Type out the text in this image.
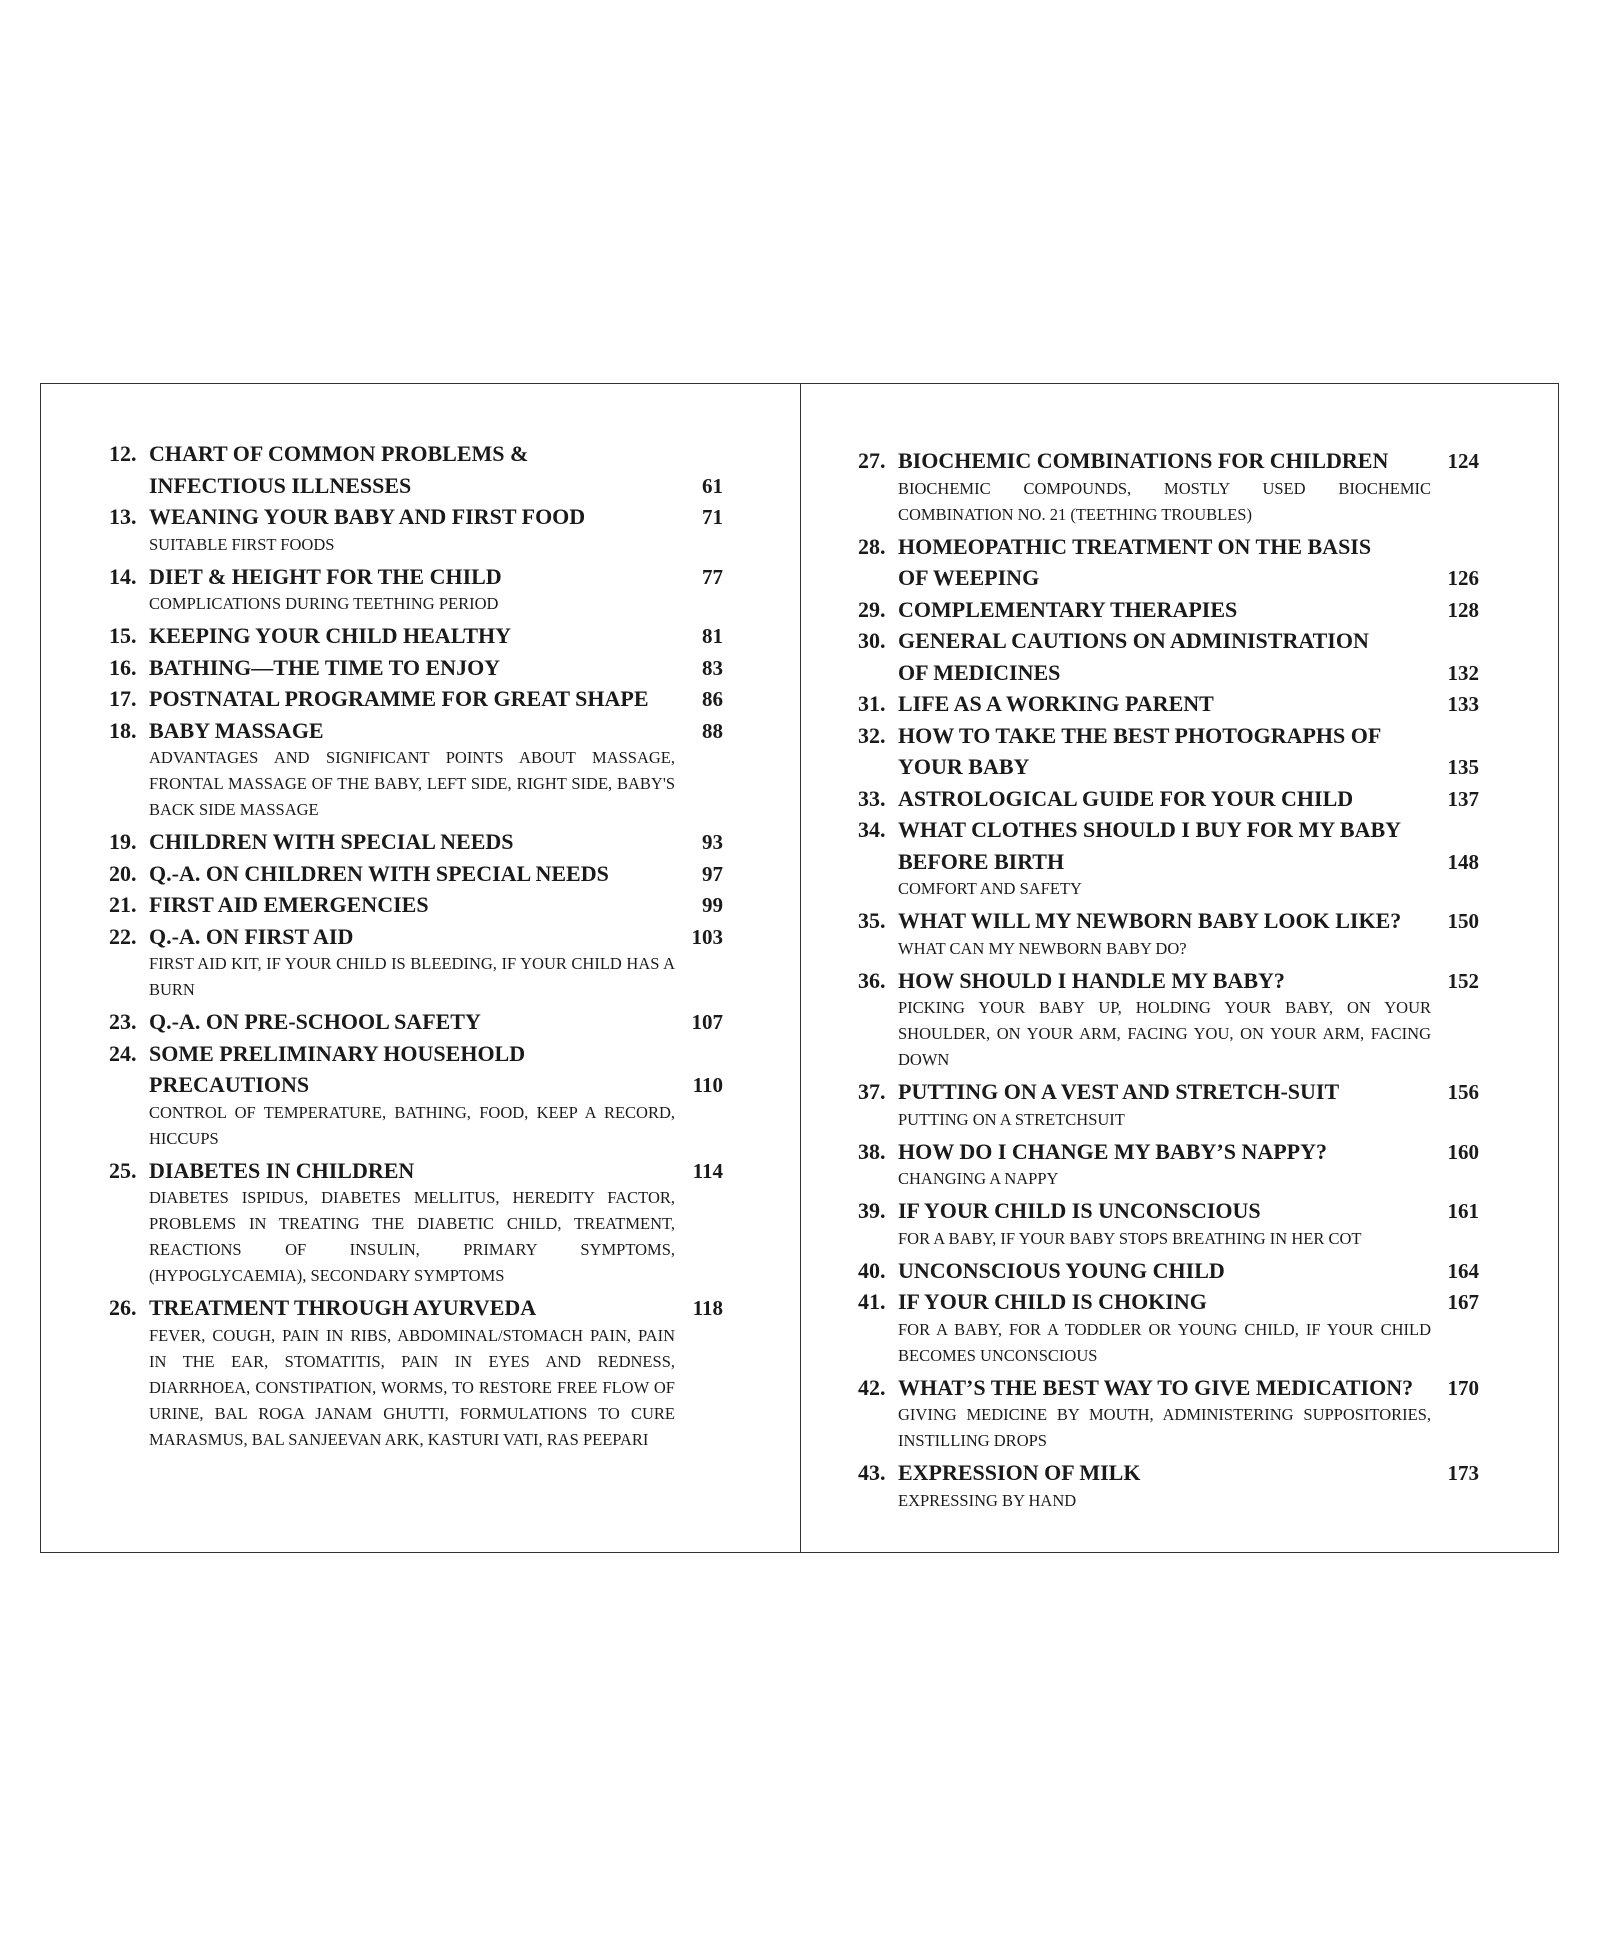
12. CHART OF COMMON PROBLEMS &
INFECTIOUS ILLNESSES	61
13. WEANING YOUR BABY AND FIRST FOOD	71
SUITABLE FIRST FOODS
14. DIET & HEIGHT FOR THE CHILD	77
COMPLICATIONS DURING TEETHING PERIOD
15. KEEPING YOUR CHILD HEALTHY	81
16. BATHING—THE TIME TO ENJOY	83
17. POSTNATAL PROGRAMME FOR GREAT SHAPE	86
18. BABY MASSAGE	88
ADVANTAGES AND SIGNIFICANT POINTS ABOUT MASSAGE, FRONTAL MASSAGE OF THE BABY, LEFT SIDE, RIGHT SIDE, BABY'S BACK SIDE MASSAGE
19. CHILDREN WITH SPECIAL NEEDS	93
20. Q.-A. ON CHILDREN WITH SPECIAL NEEDS	97
21. FIRST AID EMERGENCIES	99
22. Q.-A. ON FIRST AID	103
FIRST AID KIT, IF YOUR CHILD IS BLEEDING, IF YOUR CHILD HAS A BURN
23. Q.-A. ON PRE-SCHOOL SAFETY	107
24. SOME PRELIMINARY HOUSEHOLD
PRECAUTIONS	110
CONTROL OF TEMPERATURE, BATHING, FOOD, KEEP A RECORD, HICCUPS
25. DIABETES IN CHILDREN	114
DIABETES ISPIDUS, DIABETES MELLITUS, HEREDITY FACTOR, PROBLEMS IN TREATING THE DIABETIC CHILD, TREATMENT, REACTIONS OF INSULIN, PRIMARY SYMPTOMS, (HYPOGLYCAEMIA), SECONDARY SYMPTOMS
26. TREATMENT THROUGH AYURVEDA	118
FEVER, COUGH, PAIN IN RIBS, ABDOMINAL/STOMACH PAIN, PAIN IN THE EAR, STOMATITIS, PAIN IN EYES AND REDNESS, DIARRHOEA, CONSTIPATION, WORMS, TO RESTORE FREE FLOW OF URINE, BAL ROGA JANAM GHUTTI, FORMULATIONS TO CURE MARASMUS, BAL SANJEEVAN ARK, KASTURI VATI, RAS PEEPARI
27. BIOCHEMIC COMBINATIONS FOR CHILDREN	124
BIOCHEMIC COMPOUNDS, MOSTLY USED BIOCHEMIC COMBINATION NO. 21 (TEETHING TROUBLES)
28. HOMEOPATHIC TREATMENT ON THE BASIS
OF WEEPING	126
29. COMPLEMENTARY THERAPIES	128
30. GENERAL CAUTIONS ON ADMINISTRATION
OF MEDICINES	132
31. LIFE AS A WORKING PARENT	133
32. HOW TO TAKE THE BEST PHOTOGRAPHS OF
YOUR BABY	135
33. ASTROLOGICAL GUIDE FOR YOUR CHILD	137
34. WHAT CLOTHES SHOULD I BUY FOR MY BABY
BEFORE BIRTH	148
COMFORT AND SAFETY
35. WHAT WILL MY NEWBORN BABY LOOK LIKE?	150
WHAT CAN MY NEWBORN BABY DO?
36. HOW SHOULD I HANDLE MY BABY?	152
PICKING YOUR BABY UP, HOLDING YOUR BABY, ON YOUR SHOULDER, ON YOUR ARM, FACING YOU, ON YOUR ARM, FACING DOWN
37. PUTTING ON A VEST AND STRETCH-SUIT	156
PUTTING ON A STRETCHSUIT
38. HOW DO I CHANGE MY BABY’S NAPPY?	160
CHANGING A NAPPY
39. IF YOUR CHILD IS UNCONSCIOUS	161
FOR A BABY, IF YOUR BABY STOPS BREATHING IN HER COT
40. UNCONSCIOUS YOUNG CHILD	164
41. IF YOUR CHILD IS CHOKING	167
FOR A BABY, FOR A TODDLER OR YOUNG CHILD, IF YOUR CHILD BECOMES UNCONSCIOUS
42. WHAT’S THE BEST WAY TO GIVE MEDICATION?	170
GIVING MEDICINE BY MOUTH, ADMINISTERING SUPPOSITORIES, INSTILLING DROPS
43. EXPRESSION OF MILK	173
EXPRESSING BY HAND
